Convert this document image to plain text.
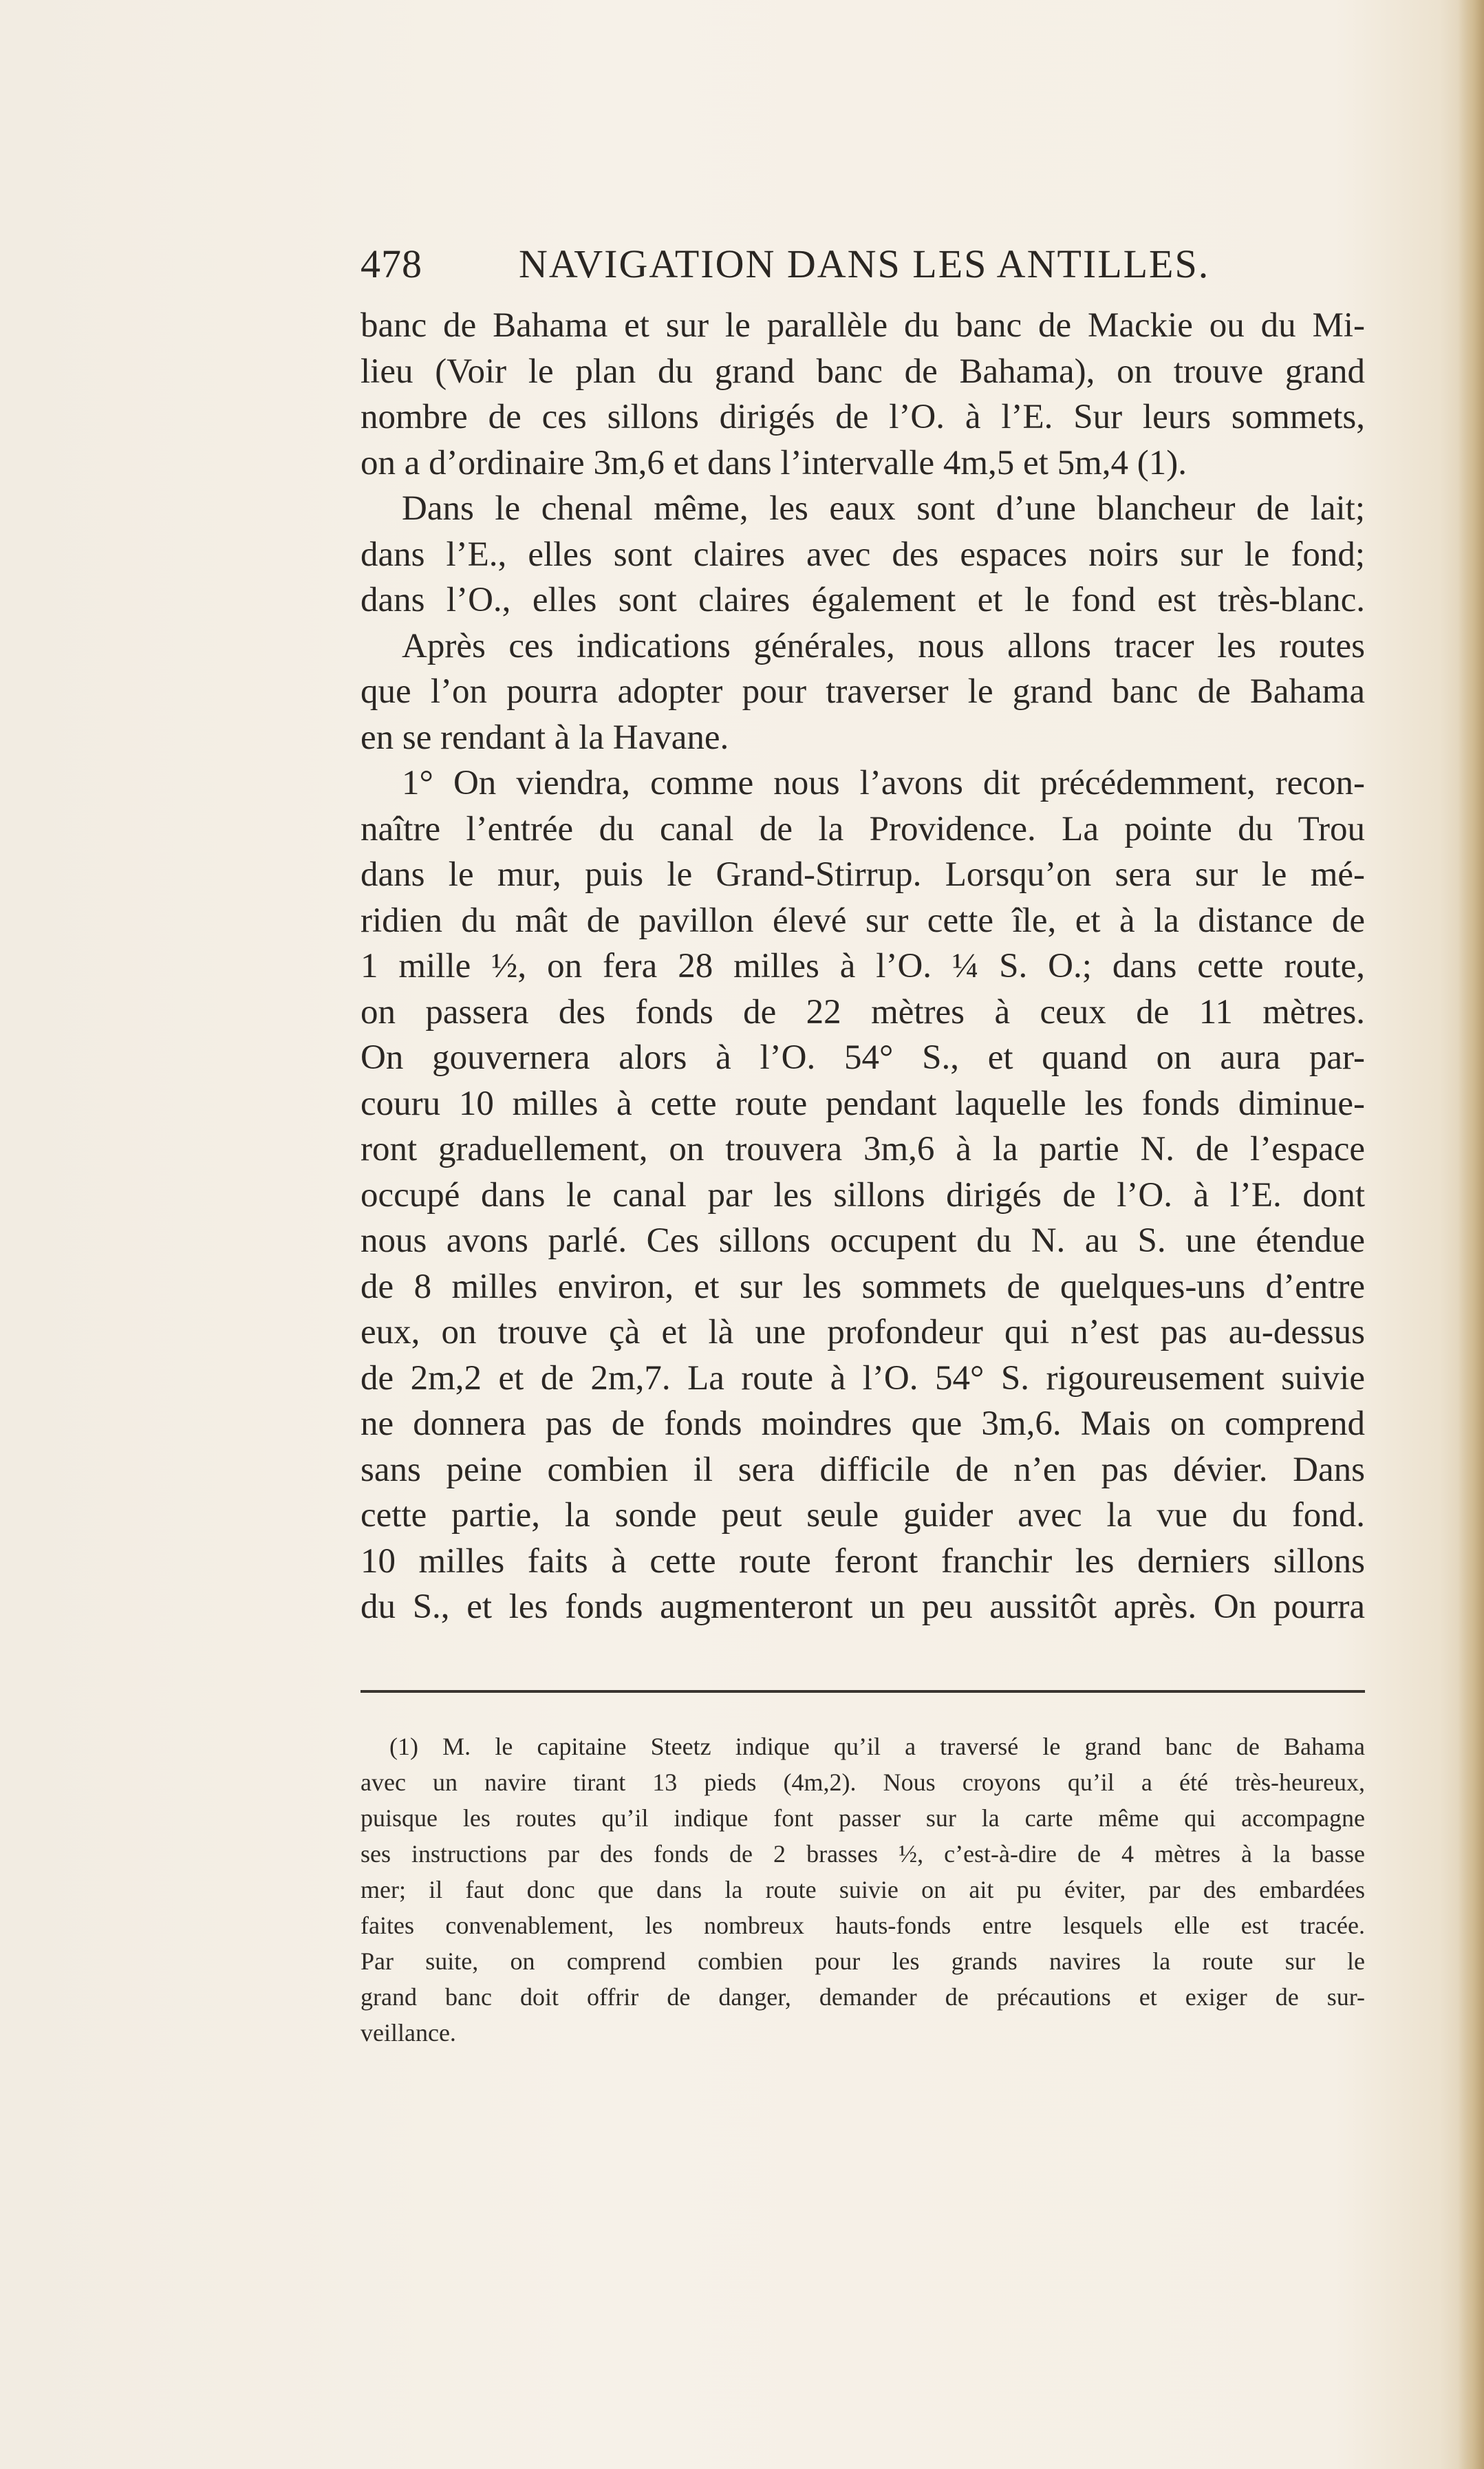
478 NAVIGATION DANS LES ANTILLES.
banc de Bahama et sur le parallèle du banc de Mackie ou du Mi-
lieu (Voir le plan du grand banc de Bahama), on trouve grand
nombre de ces sillons dirigés de l’O. à l’E. Sur leurs sommets,
on a d’ordinaire 3m,6 et dans l’intervalle 4m,5 et 5m,4 (1).
Dans le chenal même, les eaux sont d’une blancheur de lait;
dans l’E., elles sont claires avec des espaces noirs sur le fond;
dans l’O., elles sont claires également et le fond est très-blanc.
Après ces indications générales, nous allons tracer les routes
que l’on pourra adopter pour traverser le grand banc de Bahama
en se rendant à la Havane.
1° On viendra, comme nous l’avons dit précédemment, recon-
naître l’entrée du canal de la Providence. La pointe du Trou
dans le mur, puis le Grand-Stirrup. Lorsqu’on sera sur le mé-
ridien du mât de pavillon élevé sur cette île, et à la distance de
1 mille ½, on fera 28 milles à l’O. ¼ S. O.; dans cette route,
on passera des fonds de 22 mètres à ceux de 11 mètres.
On gouvernera alors à l’O. 54° S., et quand on aura par-
couru 10 milles à cette route pendant laquelle les fonds diminue-
ront graduellement, on trouvera 3m,6 à la partie N. de l’espace
occupé dans le canal par les sillons dirigés de l’O. à l’E. dont
nous avons parlé. Ces sillons occupent du N. au S. une étendue
de 8 milles environ, et sur les sommets de quelques-uns d’entre
eux, on trouve çà et là une profondeur qui n’est pas au-dessus
de 2m,2 et de 2m,7. La route à l’O. 54° S. rigoureusement suivie
ne donnera pas de fonds moindres que 3m,6. Mais on comprend
sans peine combien il sera difficile de n’en pas dévier. Dans
cette partie, la sonde peut seule guider avec la vue du fond.
10 milles faits à cette route feront franchir les derniers sillons
du S., et les fonds augmenteront un peu aussitôt après. On pourra
(1) M. le capitaine Steetz indique qu’il a traversé le grand banc de Bahama
avec un navire tirant 13 pieds (4m,2). Nous croyons qu’il a été très-heureux,
puisque les routes qu’il indique font passer sur la carte même qui accompagne
ses instructions par des fonds de 2 brasses ½, c’est-à-dire de 4 mètres à la basse
mer; il faut donc que dans la route suivie on ait pu éviter, par des embardées
faites convenablement, les nombreux hauts-fonds entre lesquels elle est tracée.
Par suite, on comprend combien pour les grands navires la route sur le
grand banc doit offrir de danger, demander de précautions et exiger de sur-
veillance.
